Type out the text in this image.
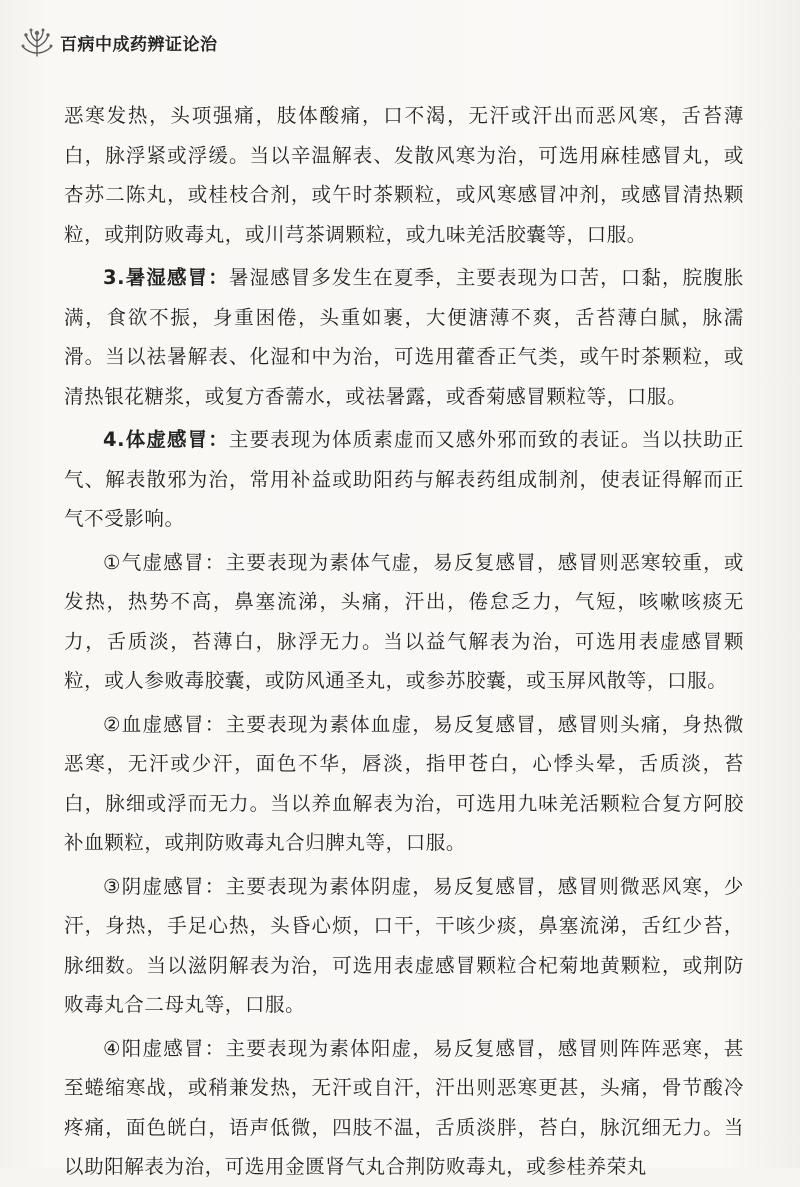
百病中成药辨证论治

恶寒发热，头项强痛，肢体酸痛，口不渴，无汗或汗出而恶风寒，舌苔薄白，脉浮紧或浮缓。当以辛温解表、发散风寒为治，可选用麻桂感冒丸，或杏苏二陈丸，或桂枝合剂，或午时茶颗粒，或风寒感冒冲剂，或感冒清热颗粒，或荆防败毒丸，或川芎茶调颗粒，或九味羌活胶囊等，口服。

3.暑湿感冒：暑湿感冒多发生在夏季，主要表现为口苦，口黏，脘腹胀满，食欲不振，身重困倦，头重如裹，大便溏薄不爽，舌苔薄白腻，脉濡滑。当以祛暑解表、化湿和中为治，可选用藿香正气类，或午时茶颗粒，或清热银花糖浆，或复方香薷水，或祛暑露，或香菊感冒颗粒等，口服。

4.体虚感冒：主要表现为体质素虚而又感外邪而致的表证。当以扶助正气、解表散邪为治，常用补益或助阳药与解表药组成制剂，使表证得解而正气不受影响。

①气虚感冒：主要表现为素体气虚，易反复感冒，感冒则恶寒较重，或发热，热势不高，鼻塞流涕，头痛，汗出，倦怠乏力，气短，咳嗽咳痰无力，舌质淡，苔薄白，脉浮无力。当以益气解表为治，可选用表虚感冒颗粒，或人参败毒胶囊，或防风通圣丸，或参苏胶囊，或玉屏风散等，口服。

②血虚感冒：主要表现为素体血虚，易反复感冒，感冒则头痛，身热微恶寒，无汗或少汗，面色不华，唇淡，指甲苍白，心悸头晕，舌质淡，苔白，脉细或浮而无力。当以养血解表为治，可选用九味羌活颗粒合复方阿胶补血颗粒，或荆防败毒丸合归脾丸等，口服。

③阴虚感冒：主要表现为素体阴虚，易反复感冒，感冒则微恶风寒，少汗，身热，手足心热，头昏心烦，口干，干咳少痰，鼻塞流涕，舌红少苔，脉细数。当以滋阴解表为治，可选用表虚感冒颗粒合杞菊地黄颗粒，或荆防败毒丸合二母丸等，口服。

④阳虚感冒：主要表现为素体阳虚，易反复感冒，感冒则阵阵恶寒，甚至蜷缩寒战，或稍兼发热，无汗或自汗，汗出则恶寒更甚，头痛，骨节酸冷疼痛，面色㿠白，语声低微，四肢不温，舌质淡胖，苔白，脉沉细无力。当以助阳解表为治，可选用金匮肾气丸合荆防败毒丸，或参桂养荣丸
